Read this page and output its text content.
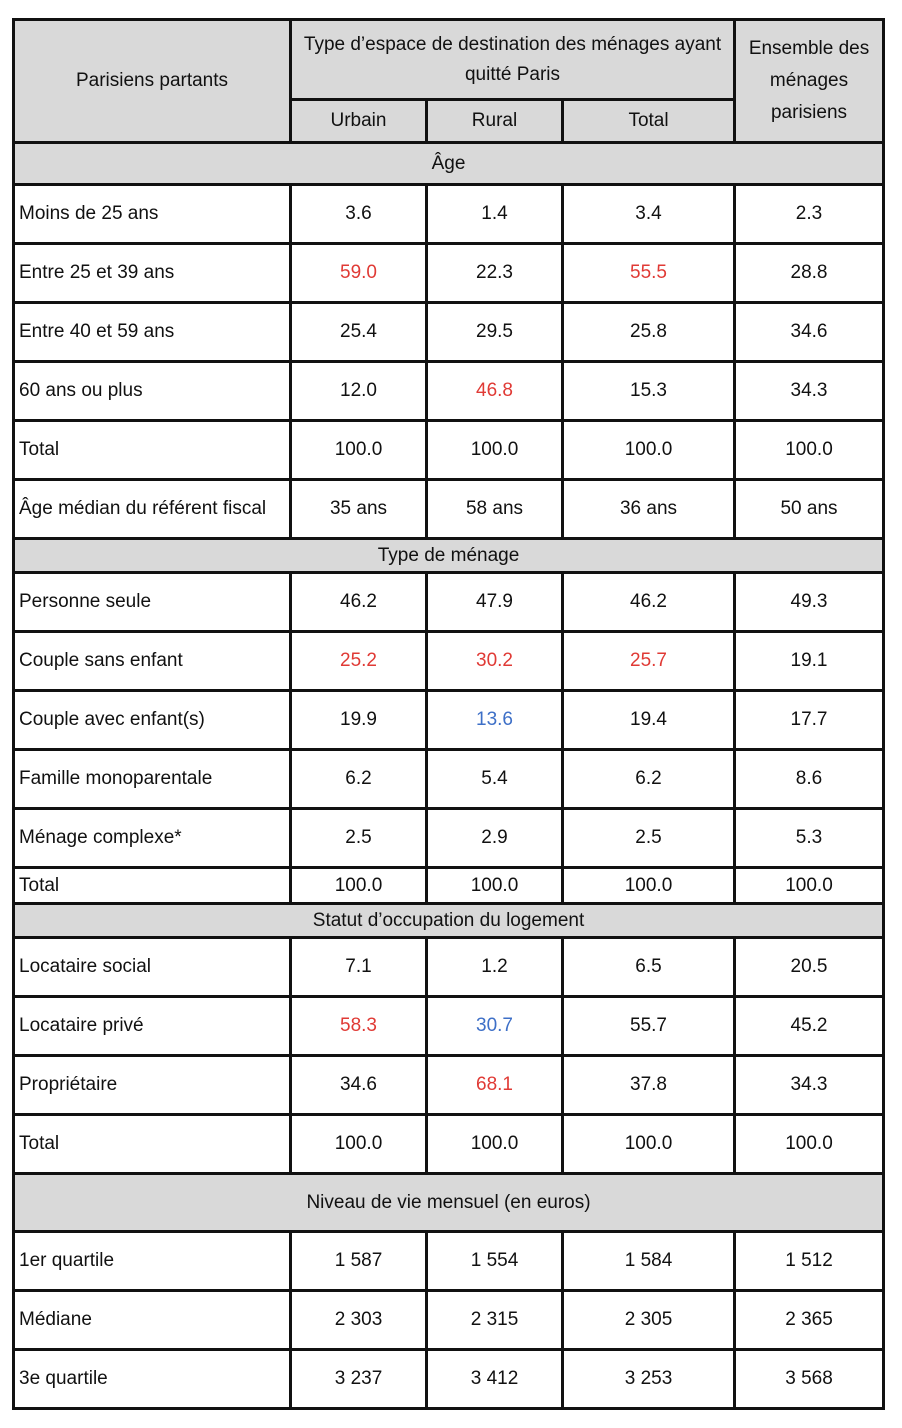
Parisiens partants	Type d’espace de destination des ménages ayant quitté Paris			Ensemble des ménages parisiens
	Urbain	Rural	Total	
Âge				
Moins de 25 ans	3.6	1.4	3.4	2.3
Entre 25 et 39 ans	59.0	22.3	55.5	28.8
Entre 40 et 59 ans	25.4	29.5	25.8	34.6
60 ans ou plus	12.0	46.8	15.3	34.3
Total	100.0	100.0	100.0	100.0
Âge médian du référent fiscal	35 ans	58 ans	36 ans	50 ans
Type de ménage				
Personne seule	46.2	47.9	46.2	49.3
Couple sans enfant	25.2	30.2	25.7	19.1
Couple avec enfant(s)	19.9	13.6	19.4	17.7
Famille monoparentale	6.2	5.4	6.2	8.6
Ménage complexe*	2.5	2.9	2.5	5.3
Total	100.0	100.0	100.0	100.0
Statut d’occupation du logement				
Locataire social	7.1	1.2	6.5	20.5
Locataire privé	58.3	30.7	55.7	45.2
Propriétaire	34.6	68.1	37.8	34.3
Total	100.0	100.0	100.0	100.0
Niveau de vie mensuel (en euros)				
1er quartile	1 587	1 554	1 584	1 512
Médiane	2 303	2 315	2 305	2 365
3e quartile	3 237	3 412	3 253	3 568
